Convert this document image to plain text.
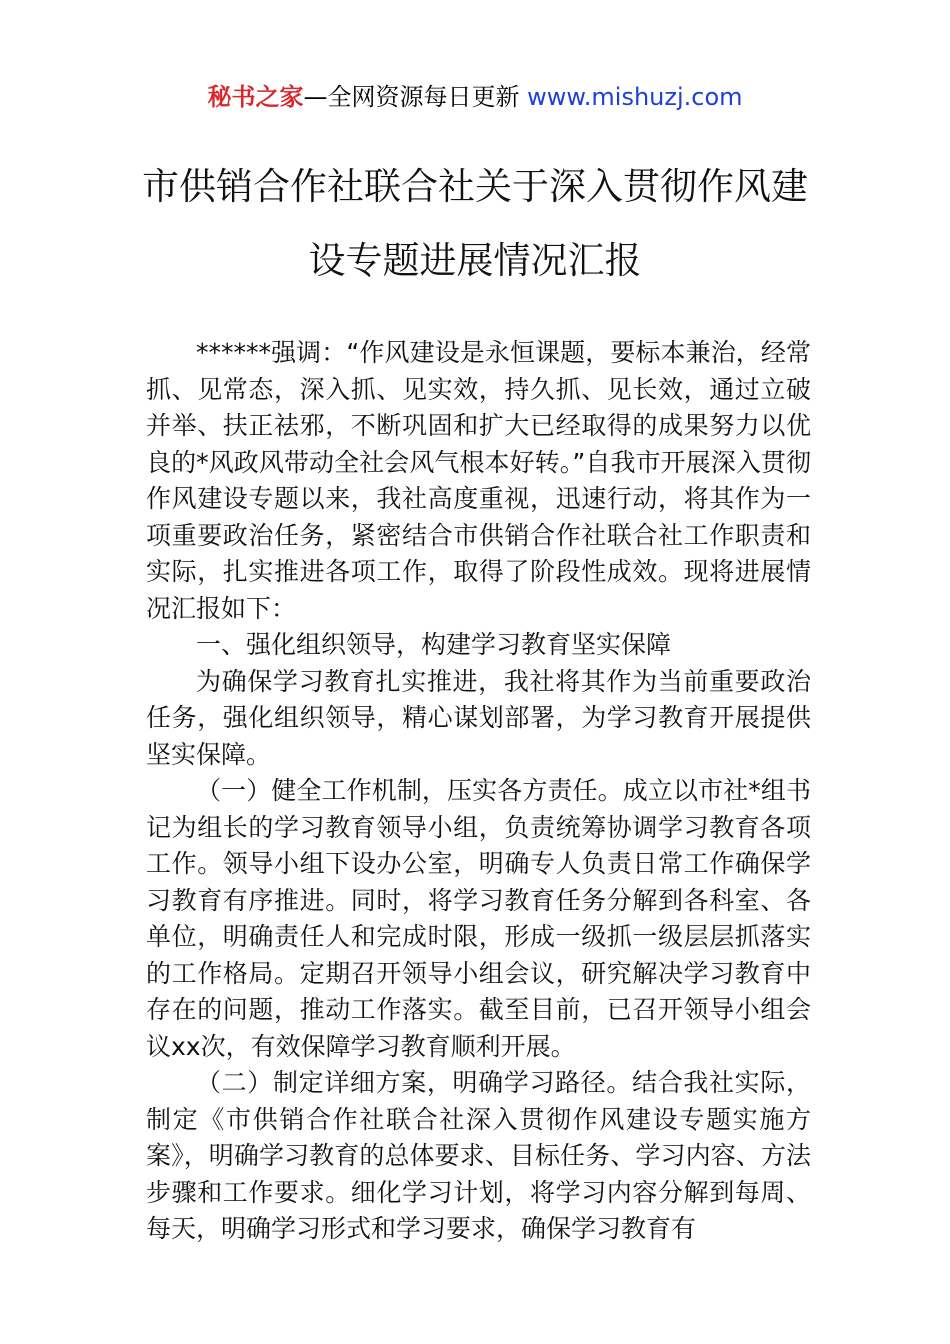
秘书之家—全网资源每日更新 www.mishuzj.com
市供销合作社联合社关于深入贯彻作风建
设专题进展情况汇报

******强调：“作风建设是永恒课题，要标本兼治，经常抓、见常态，深入抓、见实效，持久抓、见长效，通过立破并举、扶正祛邪，不断巩固和扩大已经取得的成果努力以优良的*风政风带动全社会风气根本好转。”自我市开展深入贯彻作风建设专题以来，我社高度重视，迅速行动，将其作为一项重要政治任务，紧密结合市供销合作社联合社工作职责和实际，扎实推进各项工作，取得了阶段性成效。现将进展情况汇报如下：

一、强化组织领导，构建学习教育坚实保障

为确保学习教育扎实推进，我社将其作为当前重要政治任务，强化组织领导，精心谋划部署，为学习教育开展提供坚实保障。

（一）健全工作机制，压实各方责任。成立以市社*组书记为组长的学习教育领导小组，负责统筹协调学习教育各项工作。领导小组下设办公室，明确专人负责日常工作确保学习教育有序推进。同时，将学习教育任务分解到各科室、各单位，明确责任人和完成时限，形成一级抓一级层层抓落实的工作格局。定期召开领导小组会议，研究解决学习教育中存在的问题，推动工作落实。截至目前，已召开领导小组会议xx次，有效保障学习教育顺利开展。

（二）制定详细方案，明确学习路径。结合我社实际，制定《市供销合作社联合社深入贯彻作风建设专题实施方案》，明确学习教育的总体要求、目标任务、学习内容、方法步骤和工作要求。细化学习计划，将学习内容分解到每周、每天，明确学习形式和学习要求，确保学习教育有
